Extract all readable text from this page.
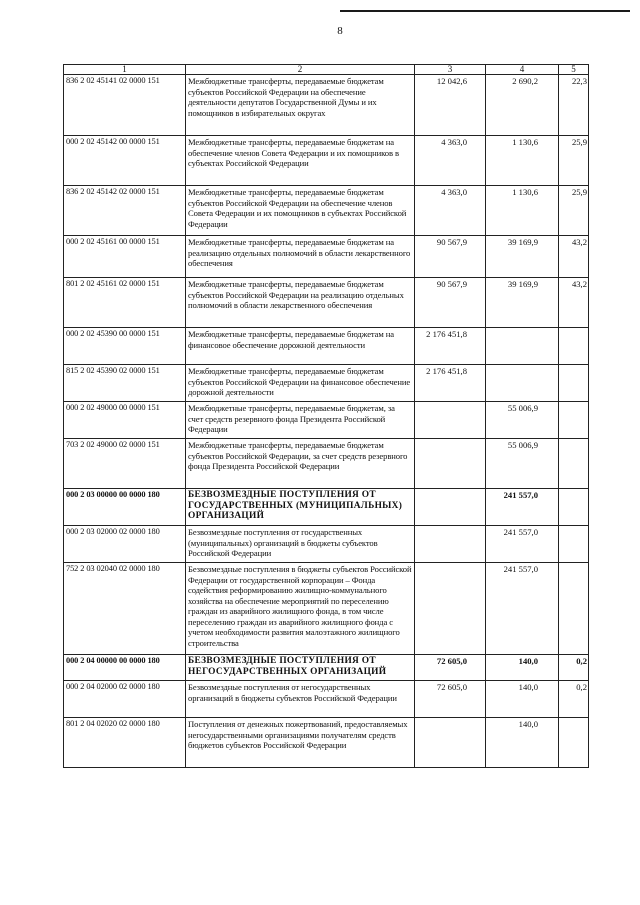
8
1	2	3	4	5
836 2 02 45141 02 0000 151	Межбюджетные трансферты, передаваемые бюджетам субъектов Российской Федерации на обеспечение деятельности депутатов Государственной Думы и их помощников в избирательных округах	12 042,6	2 690,2	22,3
000 2 02 45142 00 0000 151	Межбюджетные трансферты, передаваемые бюджетам на обеспечение членов Совета Федерации и их помощников в субъектах Российской Федерации	4 363,0	1 130,6	25,9
836 2 02 45142 02 0000 151	Межбюджетные трансферты, передаваемые бюджетам субъектов Российской Федерации на обеспечение членов Совета Федерации и их помощников в субъектах Российской Федерации	4 363,0	1 130,6	25,9
000 2 02 45161 00 0000 151	Межбюджетные трансферты, передаваемые бюджетам на реализацию отдельных полномочий в области лекарственного обеспечения	90 567,9	39 169,9	43,2
801 2 02 45161 02 0000 151	Межбюджетные трансферты, передаваемые бюджетам субъектов Российской Федерации на реализацию отдельных полномочий в области лекарственного обеспечения	90 567,9	39 169,9	43,2
000 2 02 45390 00 0000 151	Межбюджетные трансферты, передаваемые бюджетам на финансовое обеспечение дорожной деятельности	2 176 451,8		
815 2 02 45390 02 0000 151	Межбюджетные трансферты, передаваемые бюджетам субъектов Российской Федерации на финансовое обеспечение дорожной деятельности	2 176 451,8		
000 2 02 49000 00 0000 151	Межбюджетные трансферты, передаваемые бюджетам, за счет средств резервного фонда Президента Российской Федерации		55 006,9	
703 2 02 49000 02 0000 151	Межбюджетные трансферты, передаваемые бюджетам субъектов Российской Федерации, за счет средств резервного фонда Президента Российской Федерации		55 006,9	
000 2 03 00000 00 0000 180	БЕЗВОЗМЕЗДНЫЕ ПОСТУПЛЕНИЯ ОТ ГОСУДАРСТВЕННЫХ (МУНИЦИПАЛЬНЫХ) ОРГАНИЗАЦИЙ		241 557,0	
000 2 03 02000 02 0000 180	Безвозмездные поступления от государственных (муниципальных) организаций в бюджеты субъектов Российской Федерации		241 557,0	
752 2 03 02040 02 0000 180	Безвозмездные поступления в бюджеты субъектов Российской Федерации от государственной корпорации – Фонда содействия реформированию жилищно-коммунального хозяйства на обеспечение мероприятий по переселению граждан из аварийного жилищного фонда, в том числе переселению граждан из аварийного жилищного фонда с учетом необходимости развития малоэтажного жилищного строительства		241 557,0	
000 2 04 00000 00 0000 180	БЕЗВОЗМЕЗДНЫЕ ПОСТУПЛЕНИЯ ОТ НЕГОСУДАРСТВЕННЫХ ОРГАНИЗАЦИЙ	72 605,0	140,0	0,2
000 2 04 02000 02 0000 180	Безвозмездные поступления от негосударственных организаций в бюджеты субъектов Российской Федерации	72 605,0	140,0	0,2
801 2 04 02020 02 0000 180	Поступления от денежных пожертвований, предоставляемых негосударственными организациями получателям средств бюджетов субъектов Российской Федерации		140,0	
